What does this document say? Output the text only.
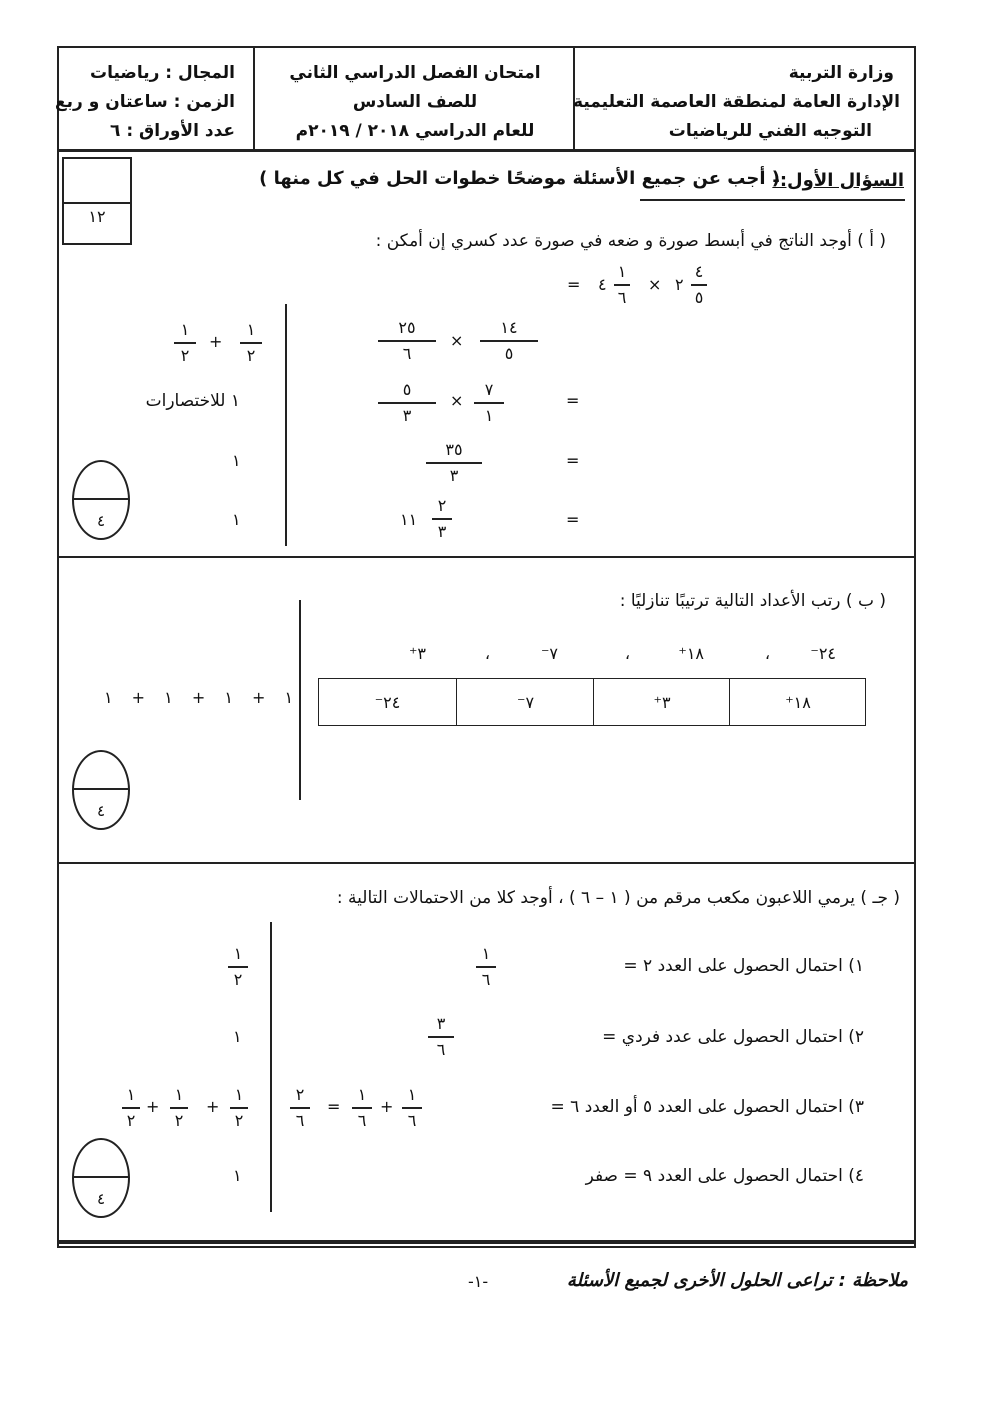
وزارة التربية
الإدارة العامة لمنطقة العاصمة التعليمية
التوجيه الفني للرياضيات
امتحان الفصل الدراسي الثاني
للصف السادس
للعام الدراسي ٢٠١٨ / ٢٠١٩م
المجال : رياضيات
الزمن : ساعتان و ربع
عدد الأوراق : ٦
السؤال الأول:-
( أجب عن جميع الأسئلة موضحًا خطوات الحل في كل منها )
١٢
( أ ) أوجد الناتج في أبسط صورة و ضعه في صورة عدد كسري إن أمكن :
= ٤
١
٦
× ٢
٤
٥
٢٥
٦
×
١٤
٥
=
٥
٣
×
٧
١
=
٣٥
٣
=
١١
٢
٣
١
٢
+
١
٢
١ للاختصارات
١
١
٤
( ب ) رتب الأعداد التالية ترتيبًا تنازليًا :
٢٤⁻
،
١٨⁺
،
٧⁻
،
٣⁺
١٨⁺
٣⁺
٧⁻
٢٤⁻
١ + ١ + ١ + ١
٤
( جـ ) يرمي اللاعبون مكعب مرقم من ( ١ – ٦ ) ، أوجد كلا من الاحتمالات التالية :
١) احتمال الحصول على العدد ٢ =
١
٦
٢) احتمال الحصول على عدد فردي =
٣
٦
٣) احتمال الحصول على العدد ٥ أو العدد ٦ =
١
٦
+
١
٦
=
٢
٦
٤) احتمال الحصول على العدد ٩ = صفر
١
٢
١
١
٢
+
١
٢
+
١
٢
١
٤
ملاحظة : تراعى الحلول الأخرى لجميع الأسئلة
-١-
